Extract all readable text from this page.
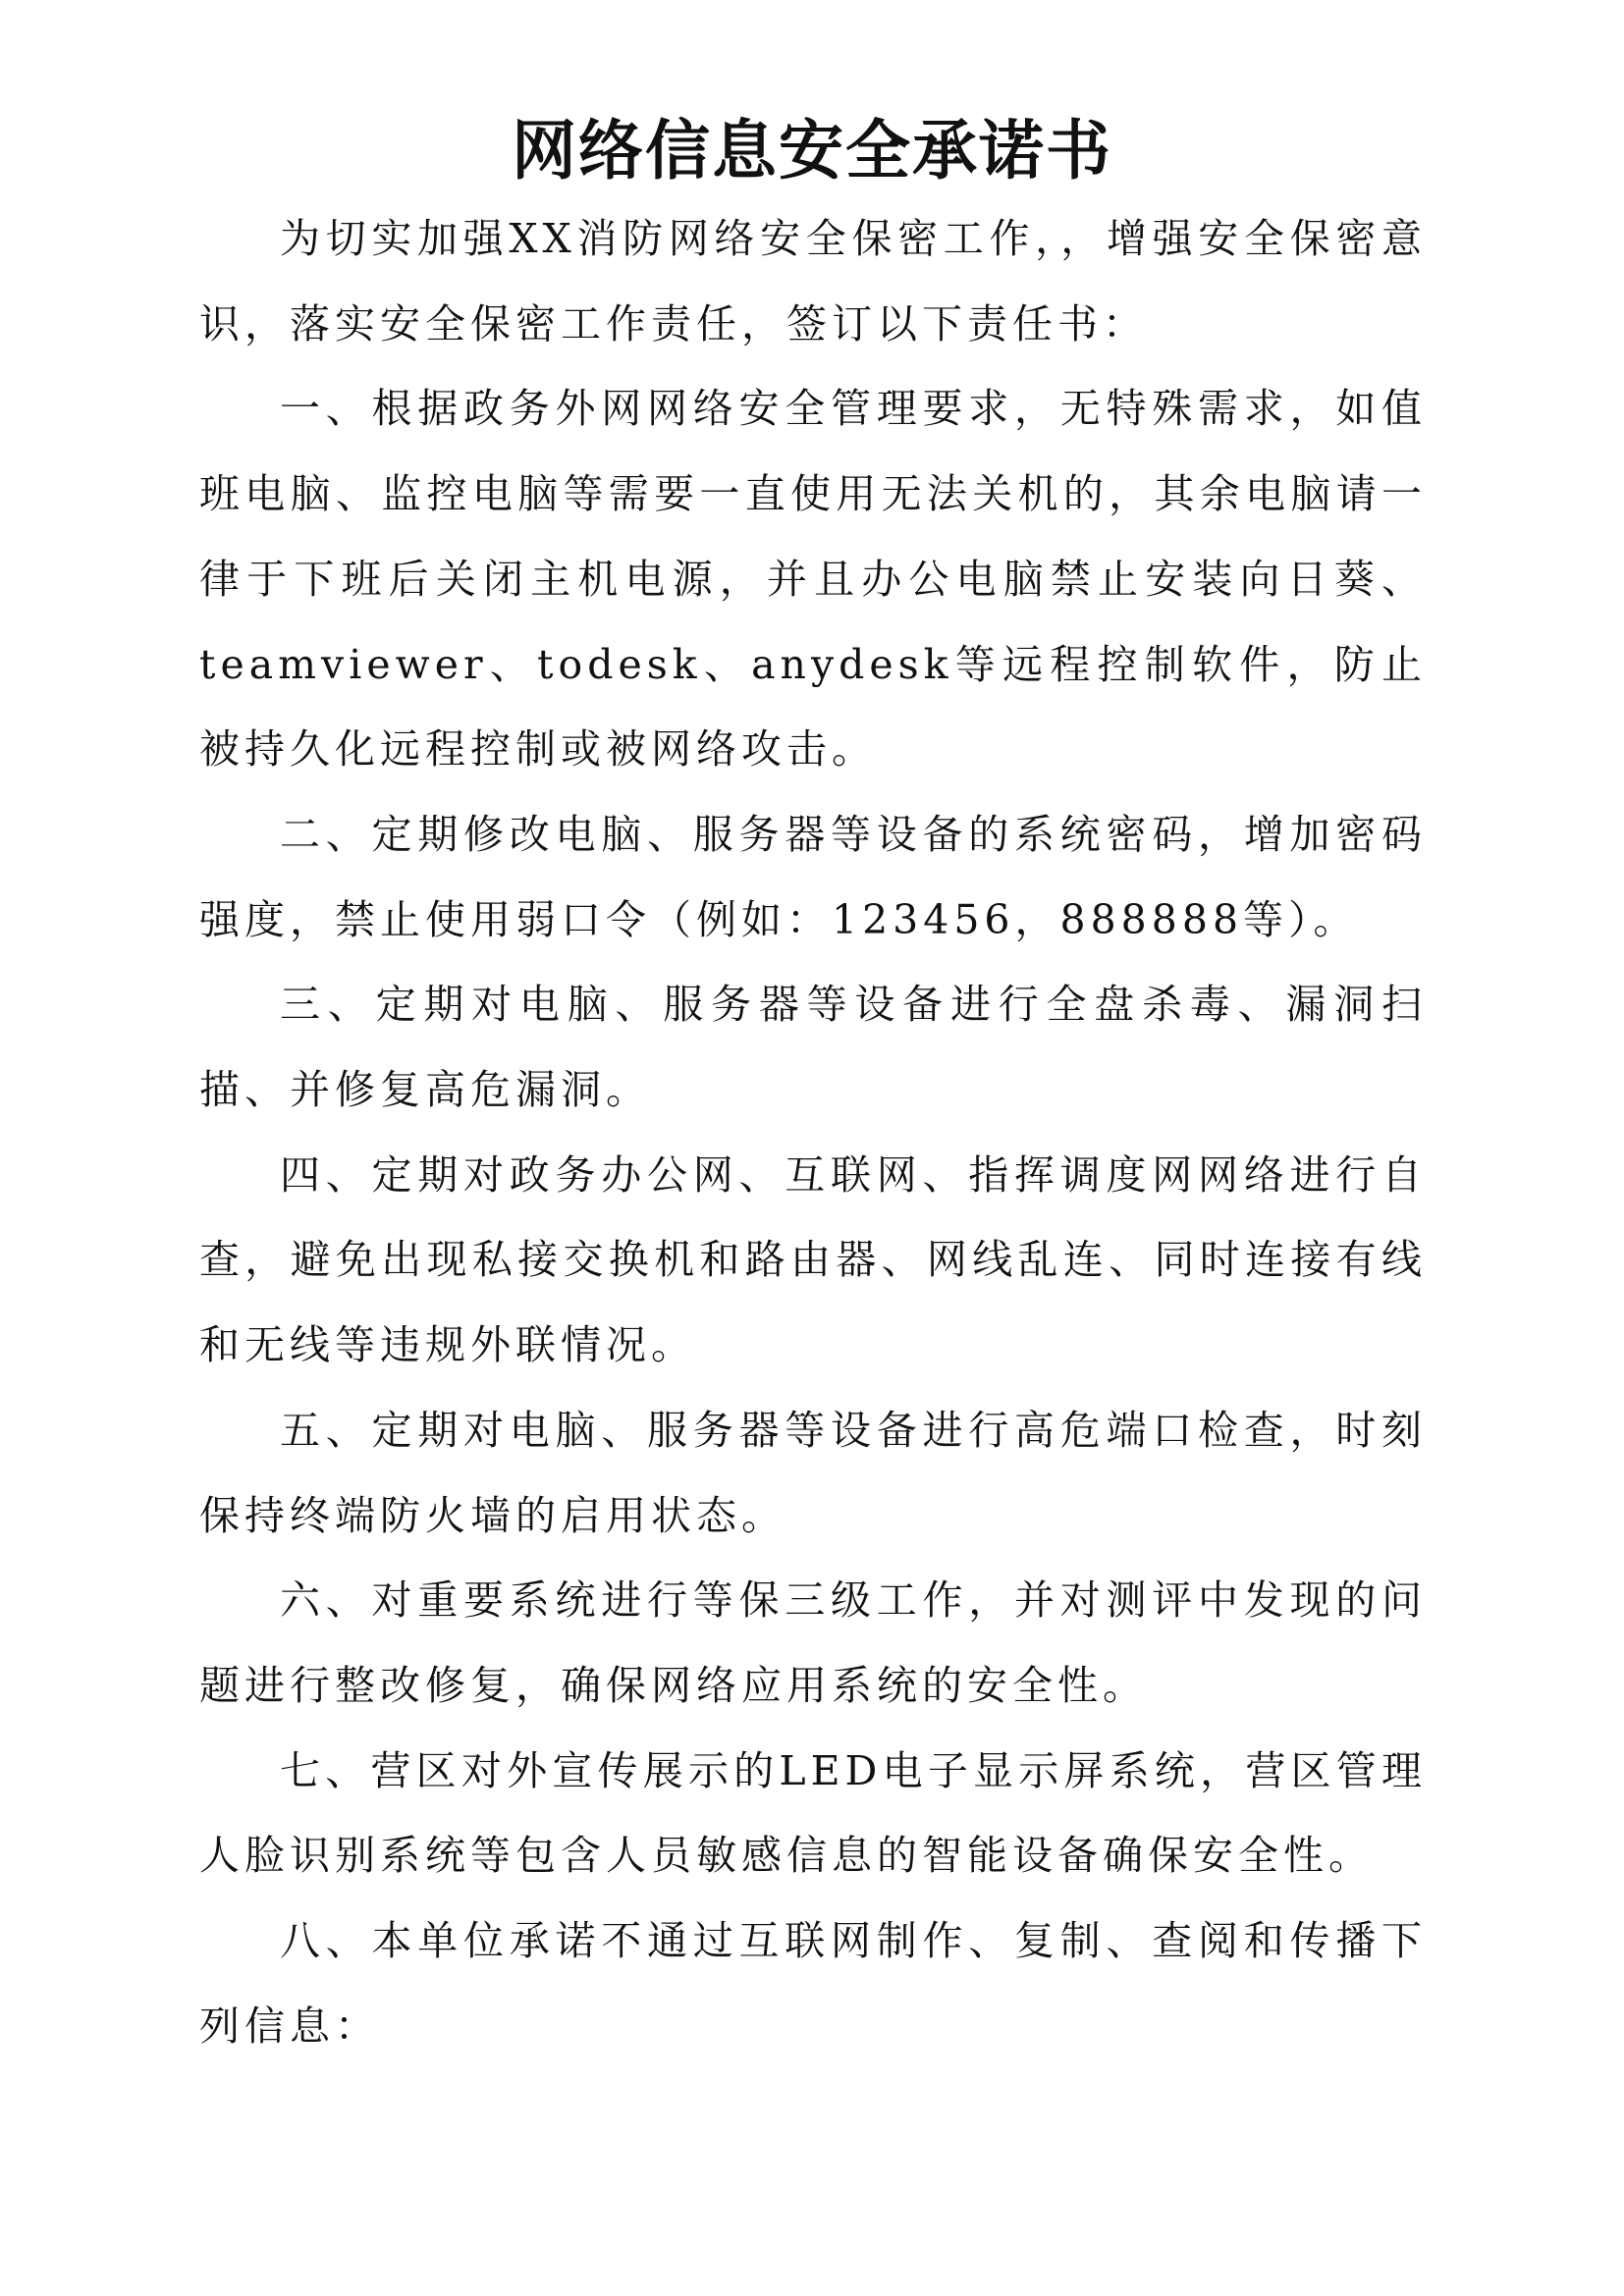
网络信息安全承诺书

为切实加强XX消防网络安全保密工作，，增强安全保密意识，落实安全保密工作责任，签订以下责任书：

一、根据政务外网网络安全管理要求，无特殊需求，如值班电脑、监控电脑等需要一直使用无法关机的，其余电脑请一律于下班后关闭主机电源，并且办公电脑禁止安装向日葵、teamviewer、todesk、anydesk等远程控制软件，防止被持久化远程控制或被网络攻击。

二、定期修改电脑、服务器等设备的系统密码，增加密码强度，禁止使用弱口令（例如：123456，888888等）。

三、定期对电脑、服务器等设备进行全盘杀毒、漏洞扫描、并修复高危漏洞。

四、定期对政务办公网、互联网、指挥调度网网络进行自查，避免出现私接交换机和路由器、网线乱连、同时连接有线和无线等违规外联情况。

五、定期对电脑、服务器等设备进行高危端口检查，时刻保持终端防火墙的启用状态。

六、对重要系统进行等保三级工作，并对测评中发现的问题进行整改修复，确保网络应用系统的安全性。

七、营区对外宣传展示的LED电子显示屏系统，营区管理人脸识别系统等包含人员敏感信息的智能设备确保安全性。

八、本单位承诺不通过互联网制作、复制、查阅和传播下列信息：
